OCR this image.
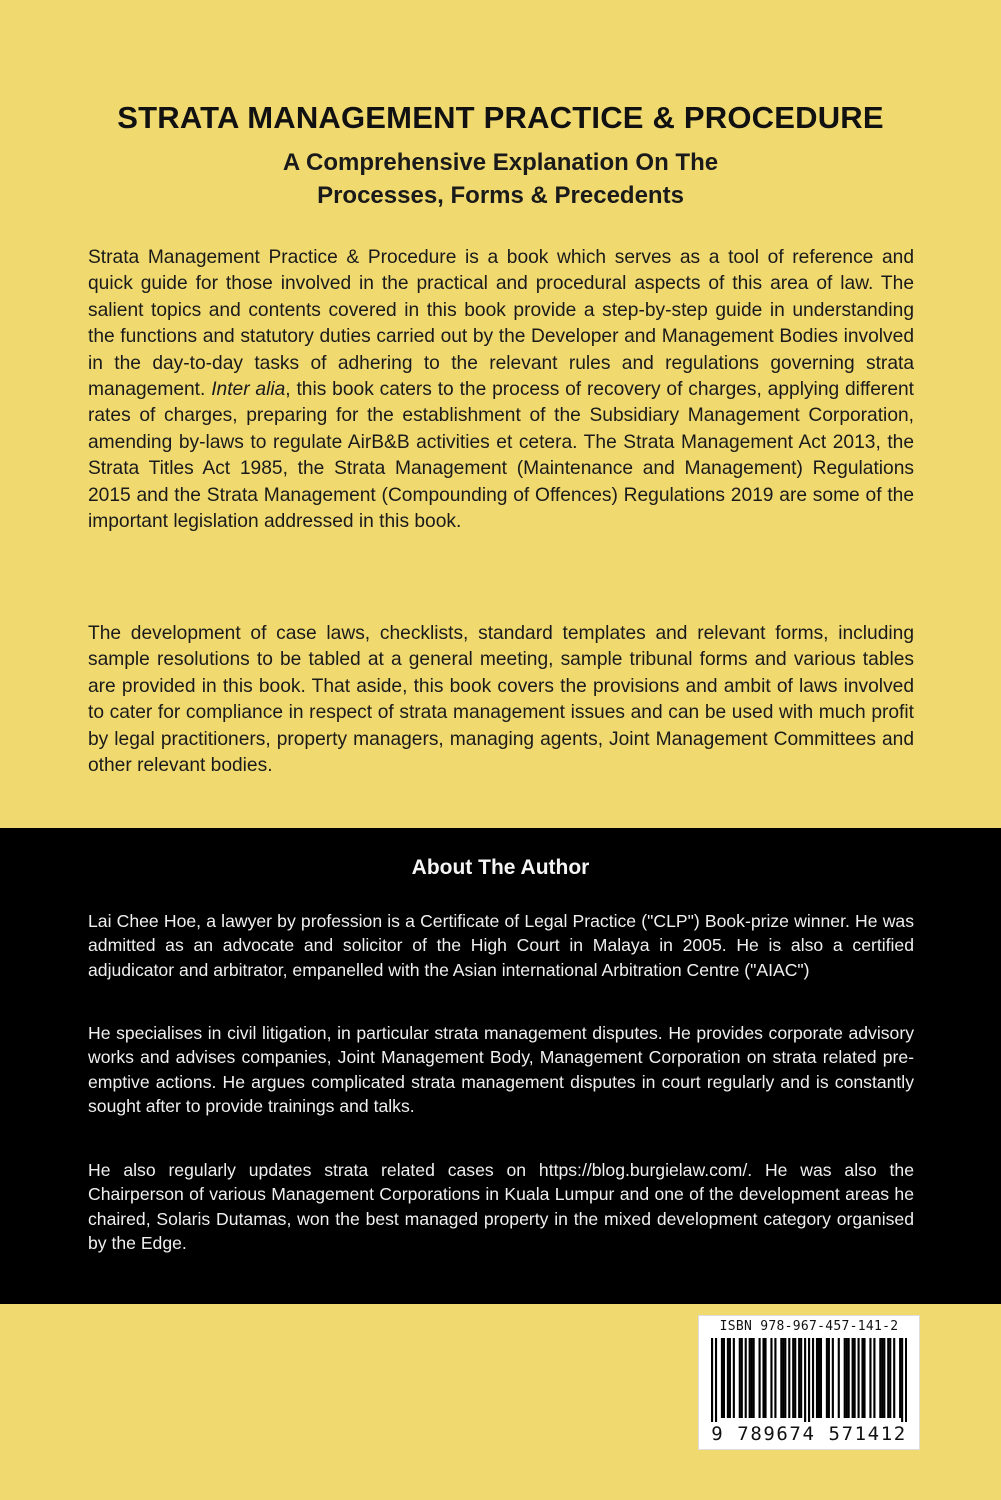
STRATA MANAGEMENT PRACTICE & PROCEDURE
A Comprehensive Explanation On The
Processes, Forms & Precedents
Strata Management Practice & Procedure is a book which serves as a tool of reference and quick guide for those involved in the practical and procedural aspects of this area of law. The salient topics and contents covered in this book provide a step-by-step guide in understanding the functions and statutory duties carried out by the Developer and Management Bodies involved in the day-to-day tasks of adhering to the relevant rules and regulations governing strata management. Inter alia, this book caters to the process of recovery of charges, applying different rates of charges, preparing for the establishment of the Subsidiary Management Corporation, amending by-laws to regulate AirB&B activities et cetera. The Strata Management Act 2013, the Strata Titles Act 1985, the Strata Management (Maintenance and Management) Regulations 2015 and the Strata Management (Compounding of Offences) Regulations 2019 are some of the important legislation addressed in this book.
The development of case laws, checklists, standard templates and relevant forms, including sample resolutions to be tabled at a general meeting, sample tribunal forms and various tables are provided in this book. That aside, this book covers the provisions and ambit of laws involved to cater for compliance in respect of strata management issues and can be used with much profit by legal practitioners, property managers, managing agents, Joint Management Committees and other relevant bodies.
About The Author
Lai Chee Hoe, a lawyer by profession is a Certificate of Legal Practice ("CLP") Book-prize winner. He was admitted as an advocate and solicitor of the High Court in Malaya in 2005. He is also a certified adjudicator and arbitrator, empanelled with the Asian international Arbitration Centre ("AIAC")
He specialises in civil litigation, in particular strata management disputes. He provides corporate advisory works and advises companies, Joint Management Body, Management Corporation on strata related pre-emptive actions. He argues complicated strata management disputes in court regularly and is constantly sought after to provide trainings and talks.
He also regularly updates strata related cases on https://blog.burgielaw.com/. He was also the Chairperson of various Management Corporations in Kuala Lumpur and one of the development areas he chaired, Solaris Dutamas, won the best managed property in the mixed development category organised by the Edge.
ISBN 978-967-457-141-2
9 789674 571412
